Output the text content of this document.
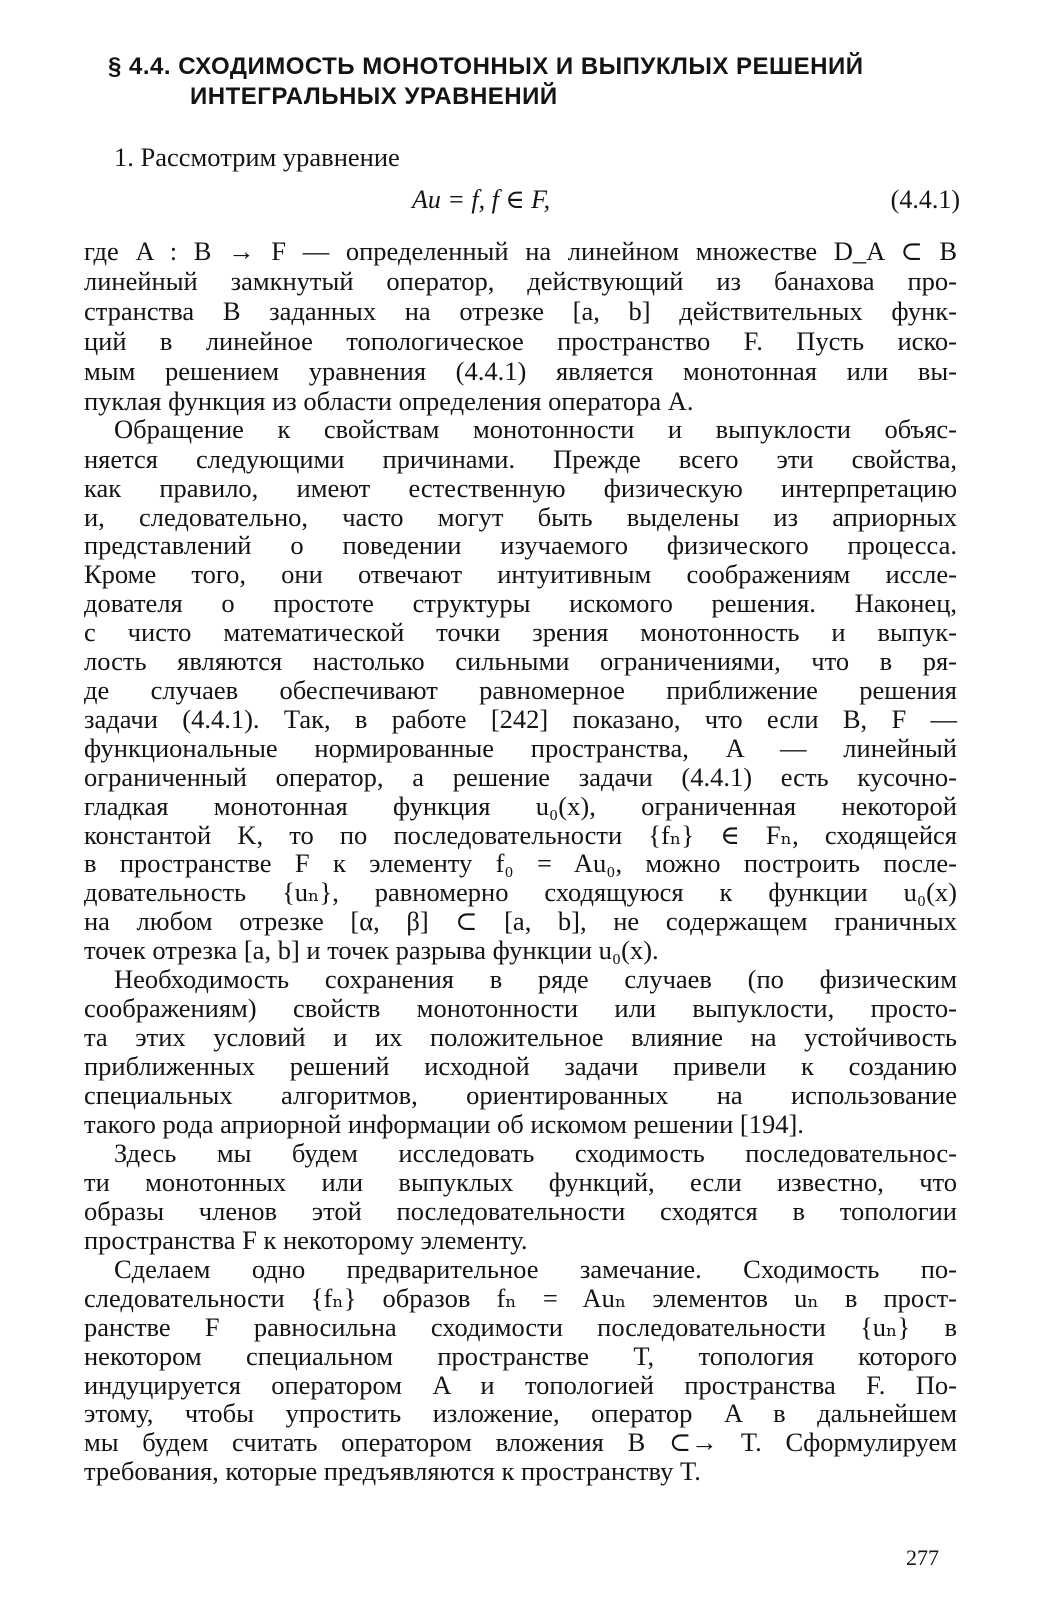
§ 4.4. СХОДИМОСТЬ МОНОТОННЫХ И ВЫПУКЛЫХ РЕШЕНИЙ
ИНТЕГРАЛЬНЫХ УРАВНЕНИЙ
1. Рассмотрим уравнение
Au = f, f ∈ F,	(4.4.1)
где A : B → F — определенный на линейном множестве D_A ⊂ B
линейный замкнутый оператор, действующий из банахова про-
странства B заданных на отрезке [a, b] действительных функ-
ций в линейное топологическое пространство F. Пусть иско-
мым решением уравнения (4.4.1) является монотонная или вы-
пуклая функция из области определения оператора A.
Обращение к свойствам монотонности и выпуклости объяс-
няется следующими причинами. Прежде всего эти свойства,
как правило, имеют естественную физическую интерпретацию
и, следовательно, часто могут быть выделены из априорных
представлений о поведении изучаемого физического процесса.
Кроме того, они отвечают интуитивным соображениям иссле-
дователя о простоте структуры искомого решения. Наконец,
с чисто математической точки зрения монотонность и выпук-
лость являются настолько сильными ограничениями, что в ря-
де случаев обеспечивают равномерное приближение решения
задачи (4.4.1). Так, в работе [242] показано, что если B, F —
функциональные нормированные пространства, A — линейный
ограниченный оператор, а решение задачи (4.4.1) есть кусочно-
гладкая монотонная функция u₀(x), ограниченная некоторой
константой K, то по последовательности {fₙ} ∈ Fₙ, сходящейся
в пространстве F к элементу f₀ = Au₀, можно построить после-
довательность {uₙ}, равномерно сходящуюся к функции u₀(x)
на любом отрезке [α, β] ⊂ [a, b], не содержащем граничных
точек отрезка [a, b] и точек разрыва функции u₀(x).
Необходимость сохранения в ряде случаев (по физическим
соображениям) свойств монотонности или выпуклости, просто-
та этих условий и их положительное влияние на устойчивость
приближенных решений исходной задачи привели к созданию
специальных алгоритмов, ориентированных на использование
такого рода априорной информации об искомом решении [194].
Здесь мы будем исследовать сходимость последовательнос-
ти монотонных или выпуклых функций, если известно, что
образы членов этой последовательности сходятся в топологии
пространства F к некоторому элементу.
Сделаем одно предварительное замечание. Сходимость по-
следовательности {fₙ} образов fₙ = Auₙ элементов uₙ в прост-
ранстве F равносильна сходимости последовательности {uₙ} в
некотором специальном пространстве T, топология которого
индуцируется оператором A и топологией пространства F. По-
этому, чтобы упростить изложение, оператор A в дальнейшем
мы будем считать оператором вложения B ⊂→ T. Сформулируем
требования, которые предъявляются к пространству T.
277
